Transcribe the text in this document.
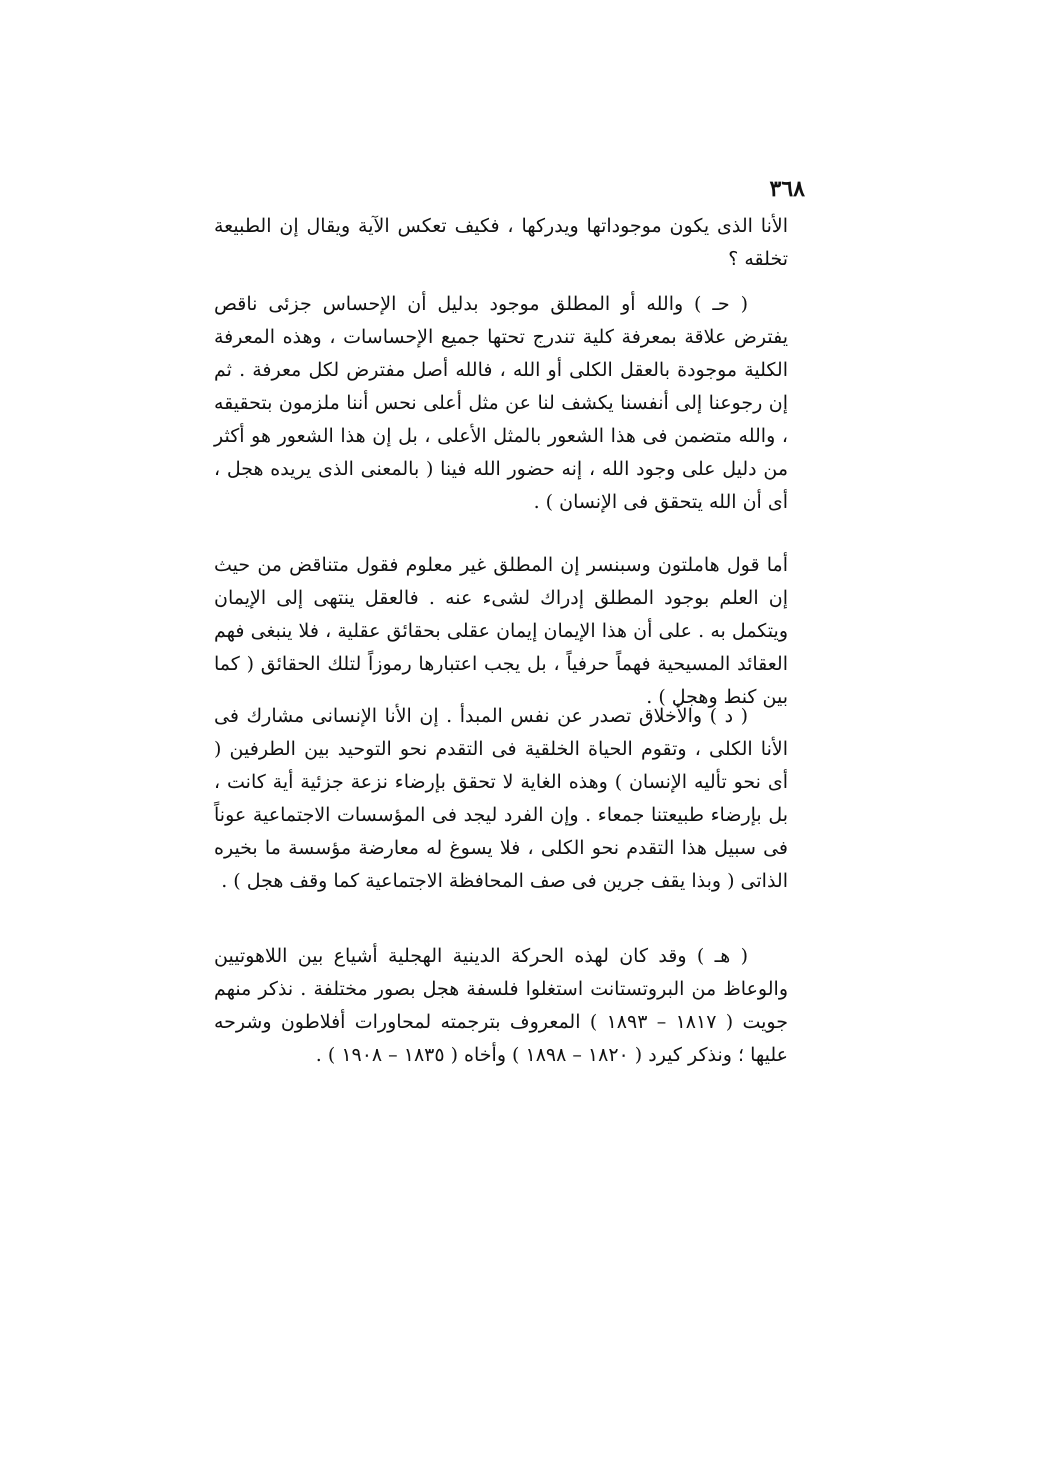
٣٦٨

الأنا الذى يكون موجوداتها ويدركها ، فكيف تعكس الآية ويقال إن الطبيعة تخلقه ؟

( حـ ) والله أو المطلق موجود بدليل أن الإحساس جزئى ناقص يفترض علاقة بمعرفة كلية تندرج تحتها جميع الإحساسات ، وهذه المعرفة الكلية موجودة بالعقل الكلى أو الله ، فالله أصل مفترض لكل معرفة . ثم إن رجوعنا إلى أنفسنا يكشف لنا عن مثل أعلى نحس أننا ملزمون بتحقيقه ، والله متضمن فى هذا الشعور بالمثل الأعلى ، بل إن هذا الشعور هو أكثر من دليل على وجود الله ، إنه حضور الله فينا ( بالمعنى الذى يريده هجل ، أى أن الله يتحقق فى الإنسان ) .

أما قول هاملتون وسبنسر إن المطلق غير معلوم فقول متناقض من حيث إن العلم بوجود المطلق إدراك لشىء عنه . فالعقل ينتهى إلى الإيمان ويتكمل به . على أن هذا الإيمان إيمان عقلى بحقائق عقلية ، فلا ينبغى فهم العقائد المسيحية فهماً حرفياً ، بل يجب اعتبارها رموزاً لتلك الحقائق ( كما بين كنط وهجل ) .

( د ) والأخلاق تصدر عن نفس المبدأ . إن الأنا الإنسانى مشارك فى الأنا الكلى ، وتقوم الحياة الخلقية فى التقدم نحو التوحيد بين الطرفين ( أى نحو تأليه الإنسان ) وهذه الغاية لا تحقق بإرضاء نزعة جزئية أية كانت ، بل بإرضاء طبيعتنا جمعاء . وإن الفرد ليجد فى المؤسسات الاجتماعية عوناً فى سبيل هذا التقدم نحو الكلى ، فلا يسوغ له معارضة مؤسسة ما بخيره الذاتى ( وبذا يقف جرين فى صف المحافظة الاجتماعية كما وقف هجل ) .

( هـ ) وقد كان لهذه الحركة الدينية الهجلية أشياع بين اللاهوتيين والوعاظ من البروتستانت استغلوا فلسفة هجل بصور مختلفة . نذكر منهم جويت ( ١٨١٧ – ١٨٩٣ ) المعروف بترجمته لمحاورات أفلاطون وشرحه عليها ؛ ونذكر كيرد ( ١٨٢٠ – ١٨٩٨ ) وأخاه ( ١٨٣٥ – ١٩٠٨ ) .
